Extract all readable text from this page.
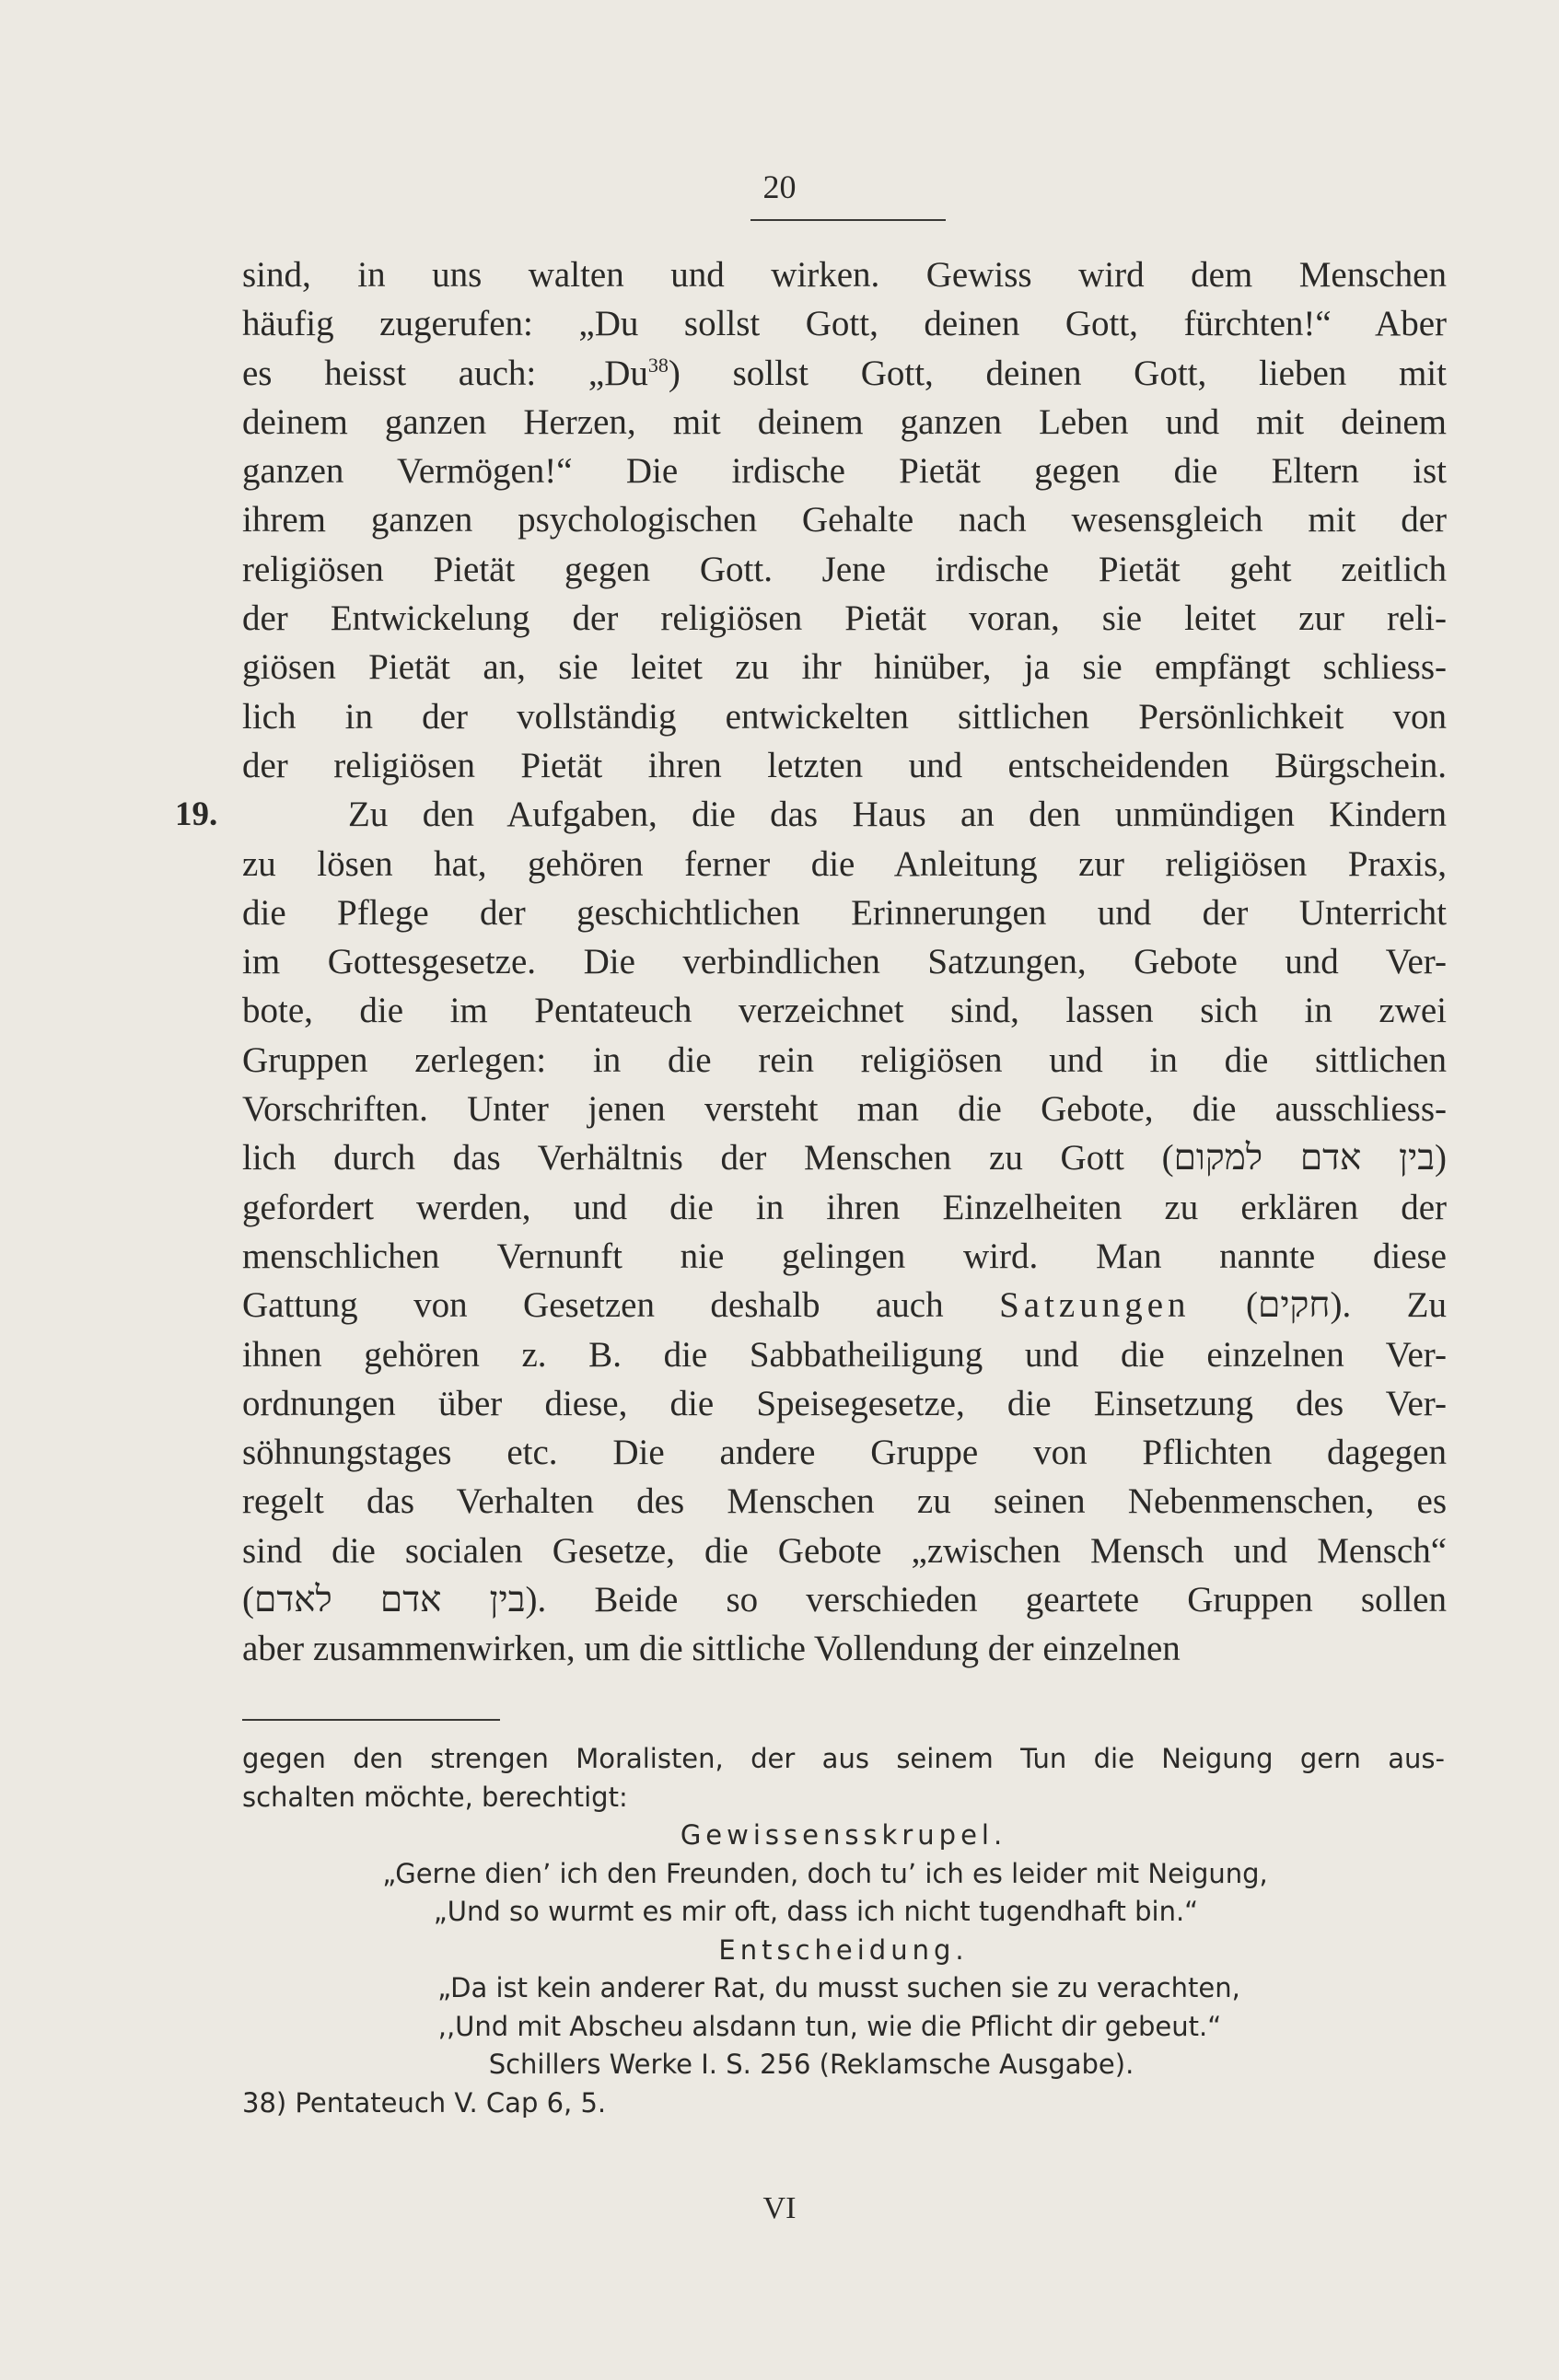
20
sind, in uns walten und wirken. Gewiss wird dem Menschen
häufig zugerufen: „Du sollst Gott, deinen Gott, fürchten!“ Aber
es heisst auch: „Du$^{38}$) sollst Gott, deinen Gott, lieben mit
deinem ganzen Herzen, mit deinem ganzen Leben und mit deinem
ganzen Vermögen!“ Die irdische Pietät gegen die Eltern ist
ihrem ganzen psychologischen Gehalte nach wesensgleich mit der
religiösen Pietät gegen Gott. Jene irdische Pietät geht zeitlich
der Entwickelung der religiösen Pietät voran, sie leitet zur reli-
giösen Pietät an, sie leitet zu ihr hinüber, ja sie empfängt schliess-
lich in der vollständig entwickelten sittlichen Persönlichkeit von
der religiösen Pietät ihren letzten und entscheidenden Bürgschein.
19.	Zu den Aufgaben, die das Haus an den unmündigen Kindern
zu lösen hat, gehören ferner die Anleitung zur religiösen Praxis,
die Pflege der geschichtlichen Erinnerungen und der Unterricht
im Gottesgesetze. Die verbindlichen Satzungen, Gebote und Ver-
bote, die im Pentateuch verzeichnet sind, lassen sich in zwei
Gruppen zerlegen: in die rein religiösen und in die sittlichen
Vorschriften. Unter jenen versteht man die Gebote, die ausschliess-
lich durch das Verhältnis der Menschen zu Gott (בין אדם למקום)
gefordert werden, und die in ihren Einzelheiten zu erklären der
menschlichen Vernunft nie gelingen wird. Man nannte diese
Gattung von Gesetzen deshalb auch Satzungen (חקים). Zu
ihnen gehören z. B. die Sabbatheiligung und die einzelnen Ver-
ordnungen über diese, die Speisegesetze, die Einsetzung des Ver-
söhnungstages etc. Die andere Gruppe von Pflichten dagegen
regelt das Verhalten des Menschen zu seinen Nebenmenschen, es
sind die socialen Gesetze, die Gebote „zwischen Mensch und Mensch“
(בין אדם לאדם). Beide so verschieden geartete Gruppen sollen
aber zusammenwirken, um die sittliche Vollendung der einzelnen
gegen den strengen Moralisten, der aus seinem Tun die Neigung gern aus-
schalten möchte, berechtigt:
Gewissensskrupel.
„Gerne dien’ ich den Freunden, doch tu’ ich es leider mit Neigung,
„Und so wurmt es mir oft, dass ich nicht tugendhaft bin.“
Entscheidung.
„Da ist kein anderer Rat, du musst suchen sie zu verachten,
,,Und mit Abscheu alsdann tun, wie die Pflicht dir gebeut.“
Schillers Werke I. S. 256 (Reklamsche Ausgabe).
38) Pentateuch V. Cap 6, 5.
VI
